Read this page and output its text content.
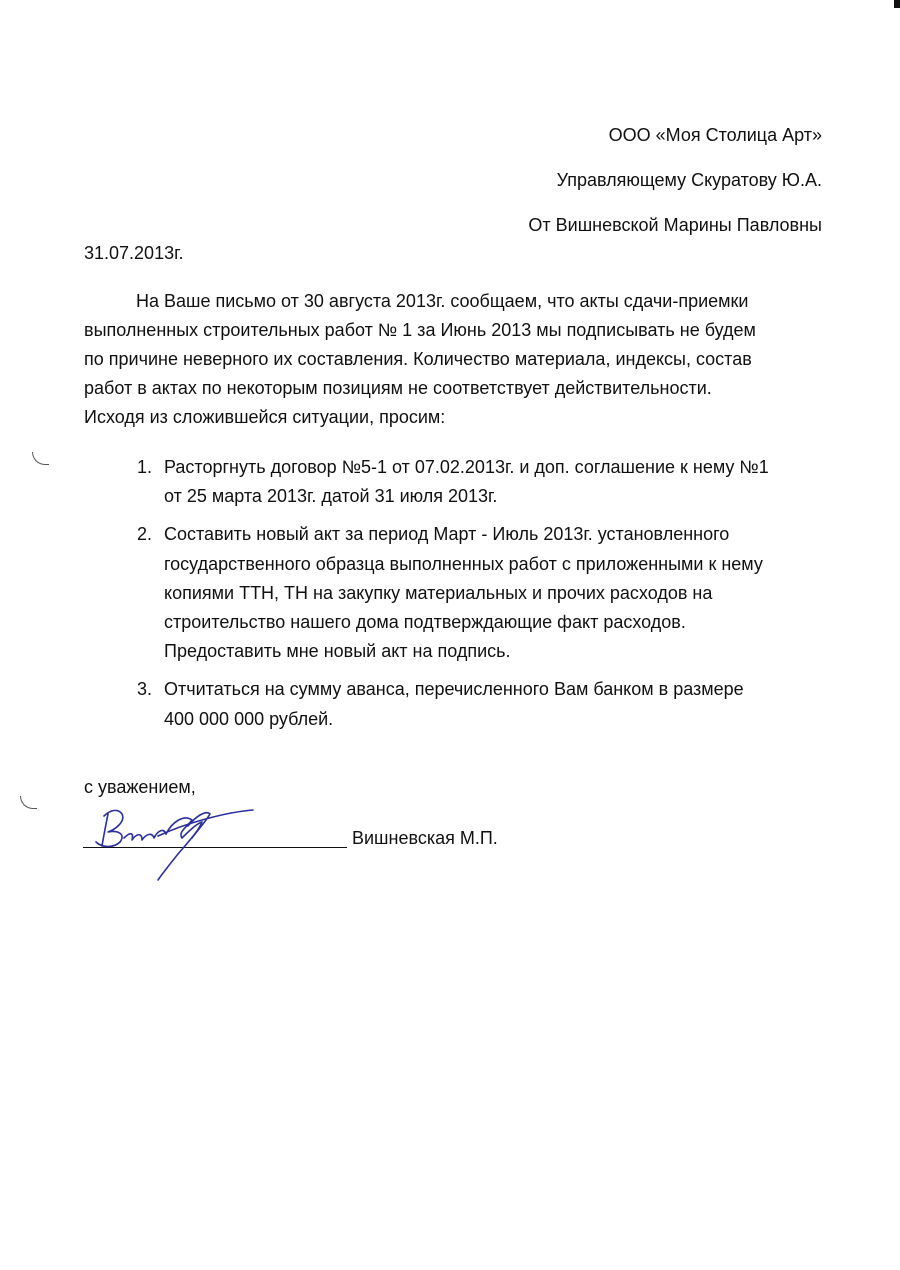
ООО «Моя Столица Арт»
Управляющему Скуратову Ю.А.
От Вишневской Марины Павловны
31.07.2013г.
На Ваше письмо от 30 августа 2013г. сообщаем, что акты сдачи-приемки
выполненных строительных работ № 1 за Июнь 2013 мы подписывать не будем
по причине неверного их составления. Количество материала, индексы, состав
работ в актах по некоторым позициям не соответствует действительности.
Исходя из сложившейся ситуации, просим:
1. Расторгнуть договор №5-1 от 07.02.2013г. и доп. соглашение к нему №1
от 25 марта 2013г. датой 31 июля 2013г.
2. Составить новый акт за период Март - Июль 2013г. установленного
государственного образца выполненных работ с приложенными к нему
копиями ТТН, ТН на закупку материальных и прочих расходов на
строительство нашего дома подтверждающие факт расходов.
Предоставить мне новый акт на подпись.
3. Отчитаться на сумму аванса, перечисленного Вам банком в размере
400 000 000 рублей.
с уважением,
Вишневская М.П.
